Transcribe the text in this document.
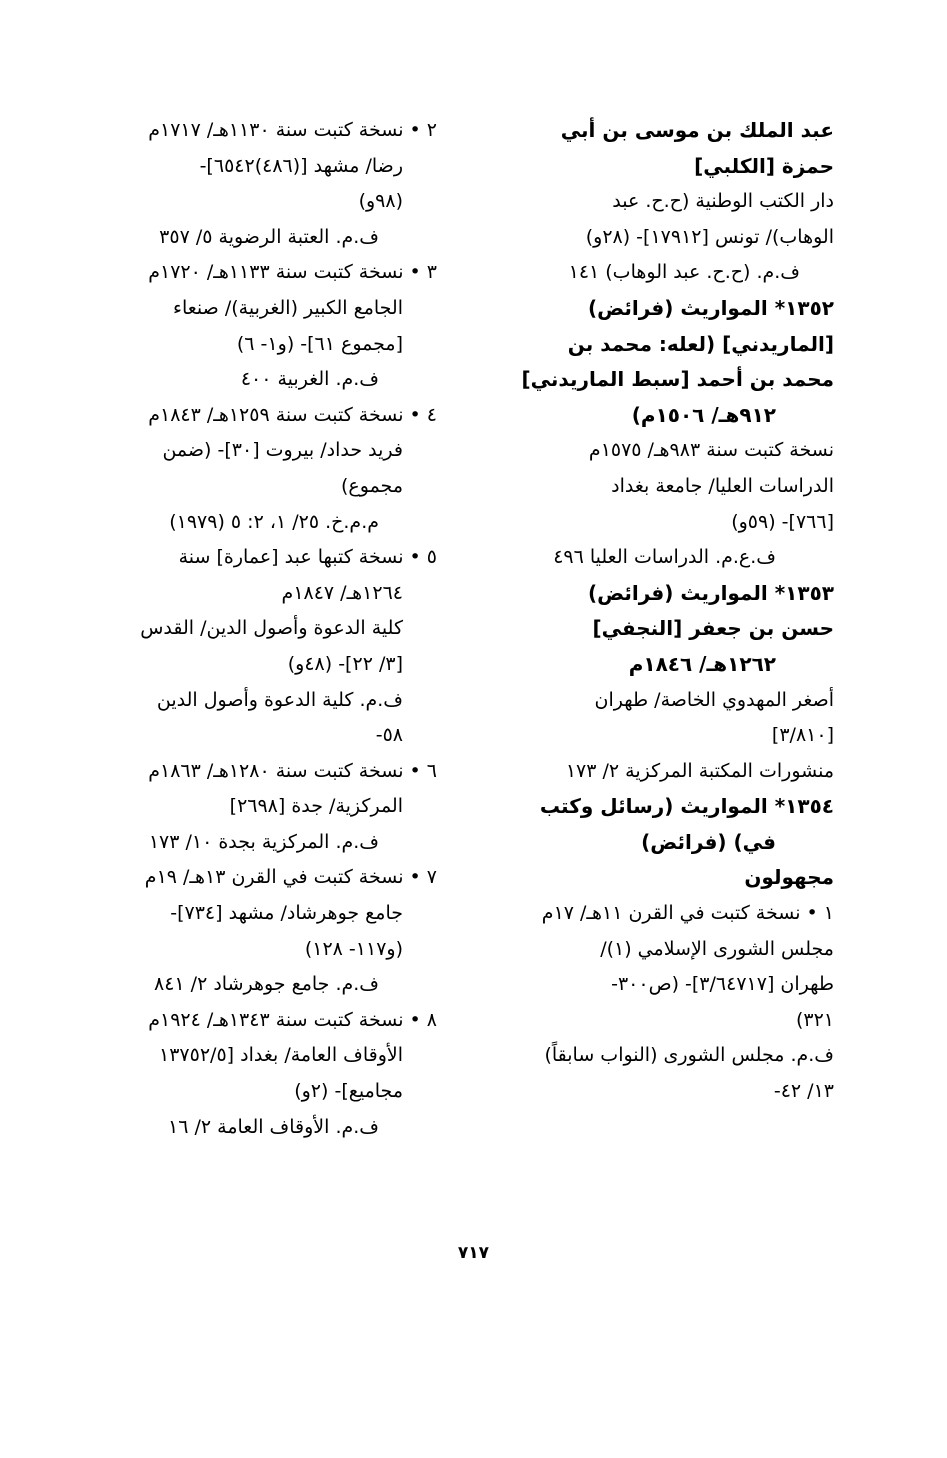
عبد الملك بن موسى بن أبي
حمزة [الكلبي]
دار الكتب الوطنية (ح.ح. عبد
الوهاب)/ تونس [١٧٩١٢]- (٢٨و)
ف.م. (ح.ح. عبد الوهاب) ١٤١
١٣٥٢* المواريث (فرائض)
[الماريدني] (لعله: محمد بن
محمد بن أحمد [سبط الماريدني]
٩١٢هـ/ ١٥٠٦م)
نسخة كتبت سنة ٩٨٣هـ/ ١٥٧٥م
الدراسات العليا/ جامعة بغداد
[٧٦٦]- (٥٩و)
ف.ع.م. الدراسات العليا ٤٩٦
١٣٥٣* المواريث (فرائض)
حسن بن جعفر [النجفي]
١٢٦٢هـ/ ١٨٤٦م
أصغر المهدوي الخاصة/ طهران
[٣/٨١٠]
منشورات المكتبة المركزية ٢/ ١٧٣
١٣٥٤* المواريث (رسائل وكتب
في) (فرائض)
مجهولون
١ • نسخة كتبت في القرن ١١هـ/ ١٧م
مجلس الشورى الإسلامي (١)/
طهران [٣/٦٤٧١٧]- (ص٣٠٠-
٣٢١)
ف.م. مجلس الشورى (النواب سابقاً)
١٣/ ٤٢-
٢ • نسخة كتبت سنة ١١٣٠هـ/ ١٧١٧م
رضا/ مشهد [(٤٨٦)٦٥٤٢]-
(٩٨و)
ف.م. العتبة الرضوية ٥/ ٣٥٧
٣ • نسخة كتبت سنة ١١٣٣هـ/ ١٧٢٠م
الجامع الكبير (الغربية)/ صنعاء
[مجموع ٦١]- (و١- ٦)
ف.م. الغربية ٤٠٠
٤ • نسخة كتبت سنة ١٢٥٩هـ/ ١٨٤٣م
فريد حداد/ بيروت [٣٠]- (ضمن
مجموع)
م.م.خ. ٢٥/ ١، ٢: ٥ (١٩٧٩)
٥ • نسخة كتبها عبد [عمارة] سنة
١٢٦٤هـ/ ١٨٤٧م
كلية الدعوة وأصول الدين/ القدس
[٣/ ٢٢]- (٤٨و)
ف.م. كلية الدعوة وأصول الدين
٥٨-
٦ • نسخة كتبت سنة ١٢٨٠هـ/ ١٨٦٣م
المركزية/ جدة [٢٦٩٨]
ف.م. المركزية بجدة ١٠/ ١٧٣
٧ • نسخة كتبت في القرن ١٣هـ/ ١٩م
جامع جوهرشاد/ مشهد [٧٣٤]-
(و١١٧- ١٢٨)
ف.م. جامع جوهرشاد ٢/ ٨٤١
٨ • نسخة كتبت سنة ١٣٤٣هـ/ ١٩٢٤م
الأوقاف العامة/ بغداد [١٣٧٥٢/٥
مجاميع]- (٢و)
ف.م. الأوقاف العامة ٢/ ١٦
٧١٧
